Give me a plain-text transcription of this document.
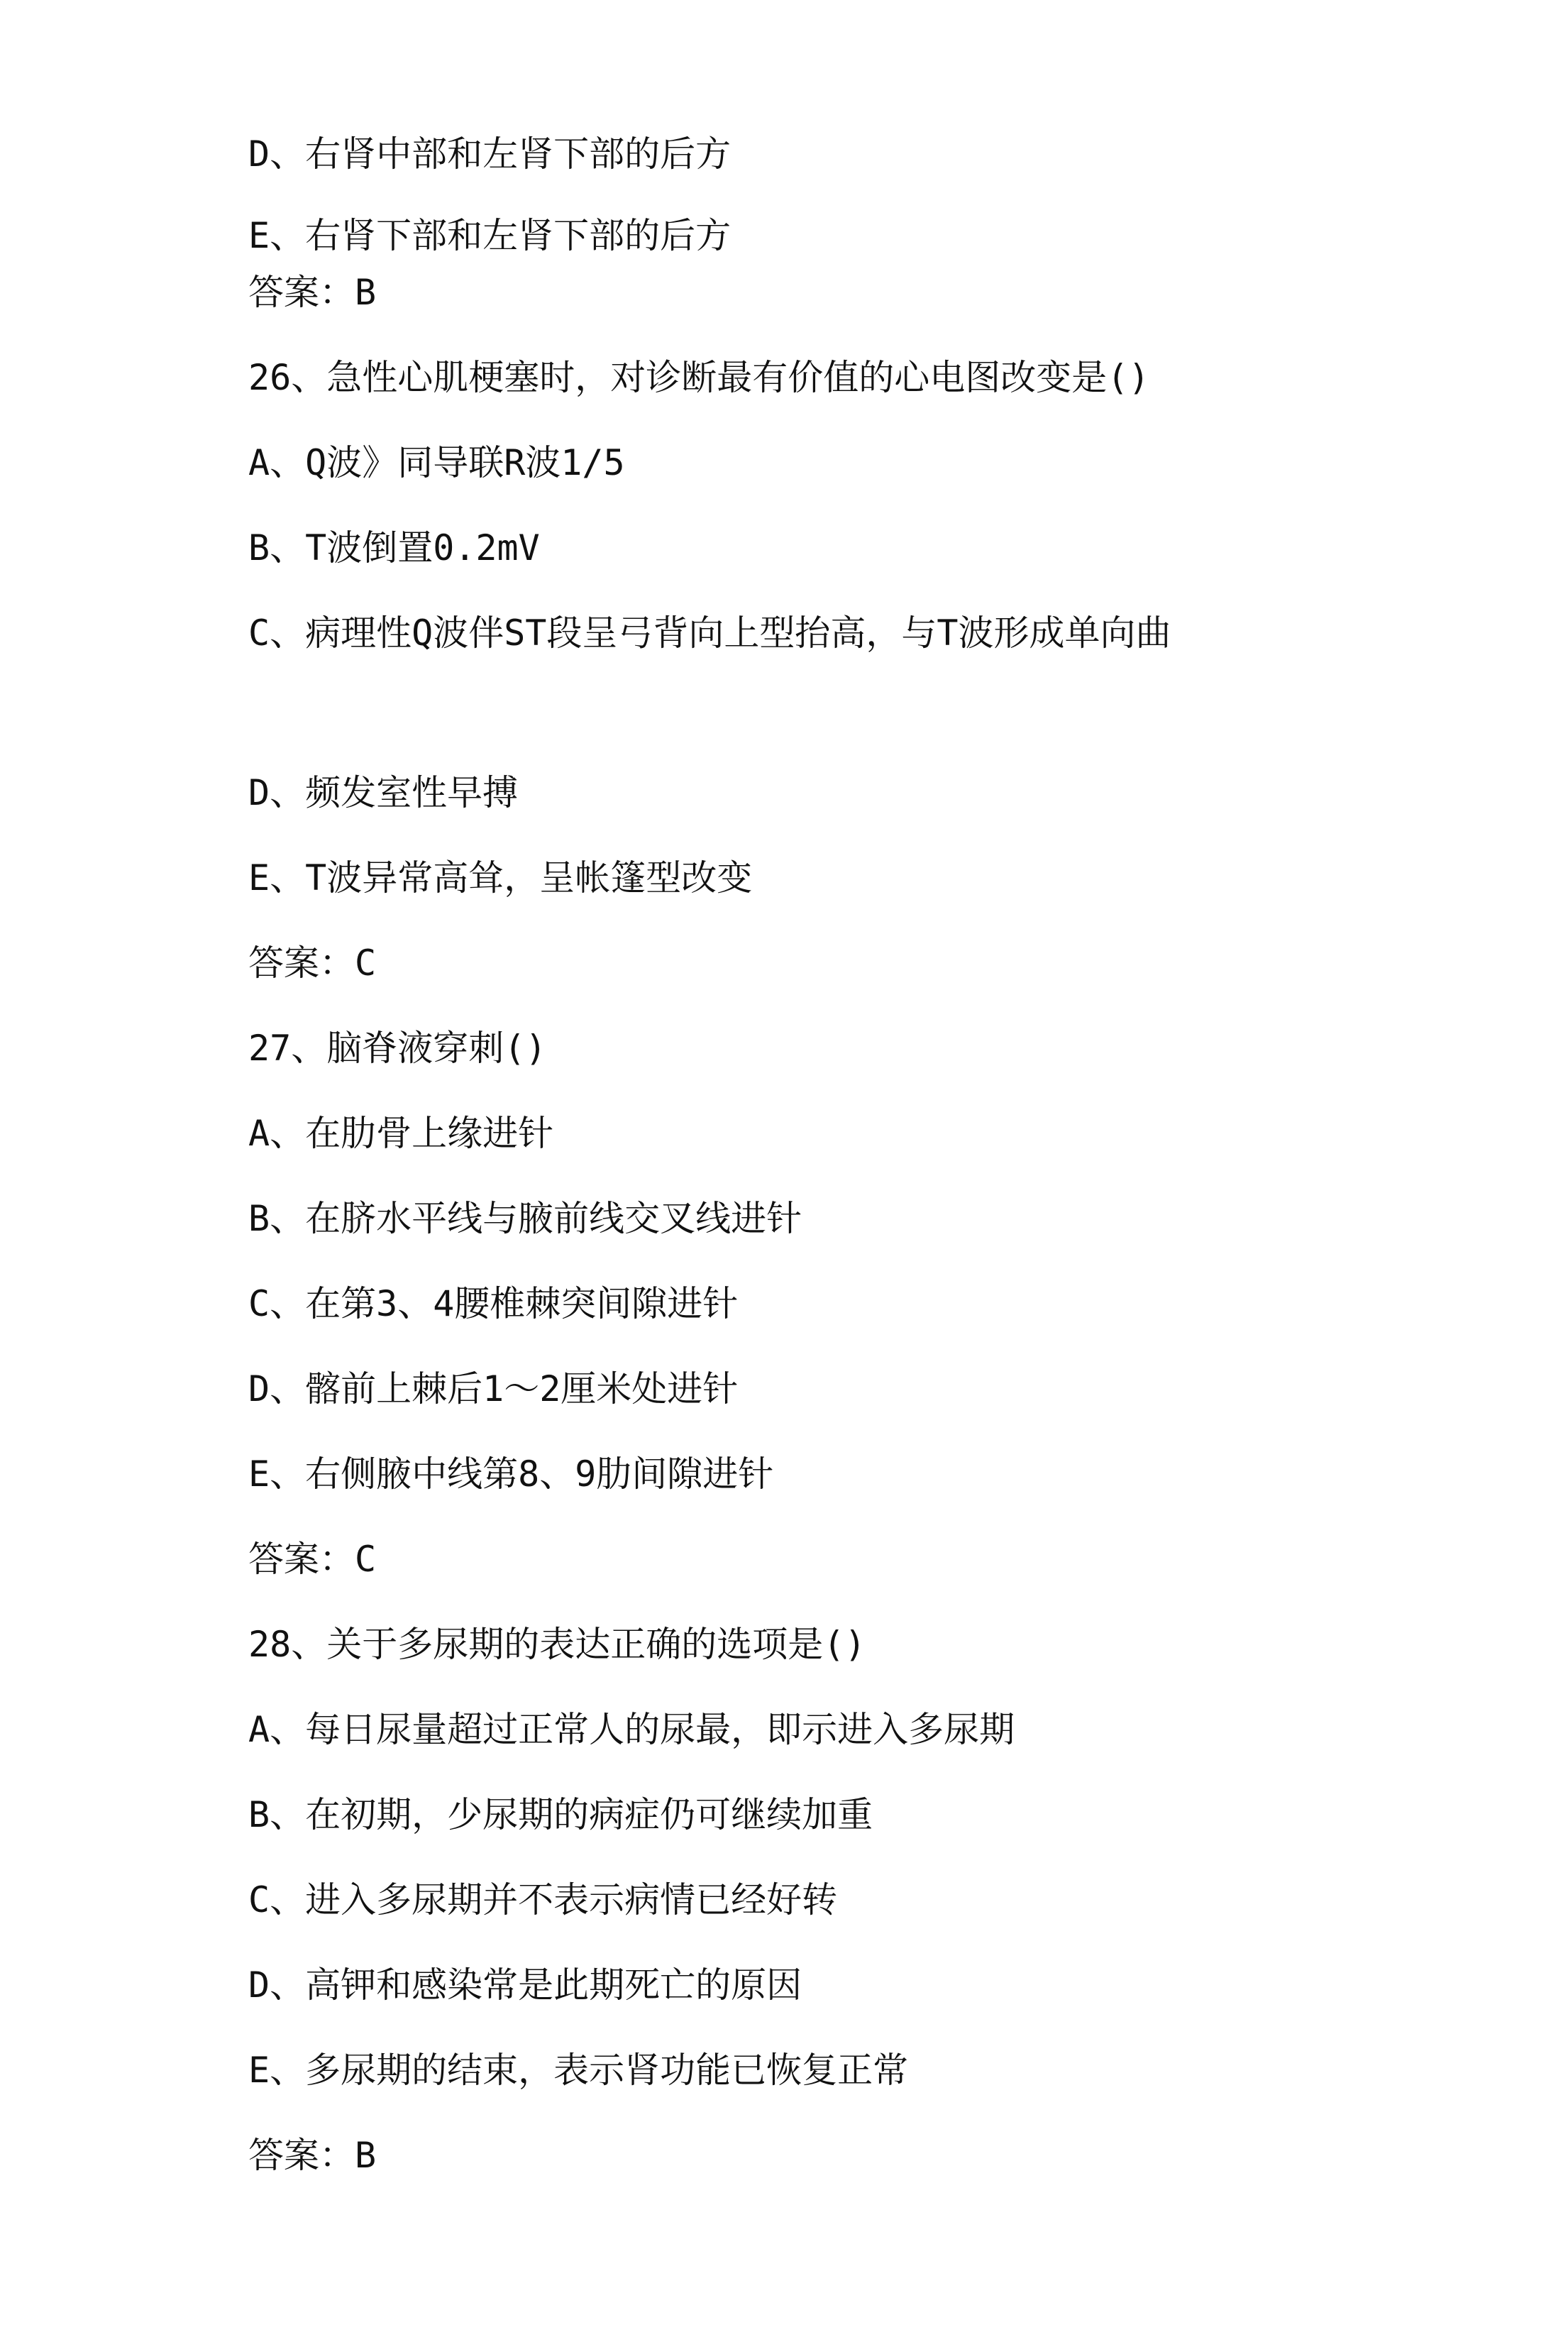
D、右肾中部和左肾下部的后方
E、右肾下部和左肾下部的后方
答案：B
26、急性心肌梗塞时，对诊断最有价值的心电图改变是()
A、Q波》同导联R波1/5
B、T波倒置0.2mV
C、病理性Q波伴ST段呈弓背向上型抬高，与T波形成单向曲
D、频发室性早搏
E、T波异常高耸，呈帐篷型改变
答案：C
27、脑脊液穿刺()
A、在肋骨上缘进针
B、在脐水平线与腋前线交叉线进针
C、在第3、4腰椎棘突间隙进针
D、髂前上棘后1〜2厘米处进针
E、右侧腋中线第8、9肋间隙进针
答案：C
28、关于多尿期的表达正确的选项是()
A、每日尿量超过正常人的尿最，即示进入多尿期
B、在初期，少尿期的病症仍可继续加重
C、进入多尿期并不表示病情已经好转
D、高钾和感染常是此期死亡的原因
E、多尿期的结束，表示肾功能已恢复正常
答案：B
